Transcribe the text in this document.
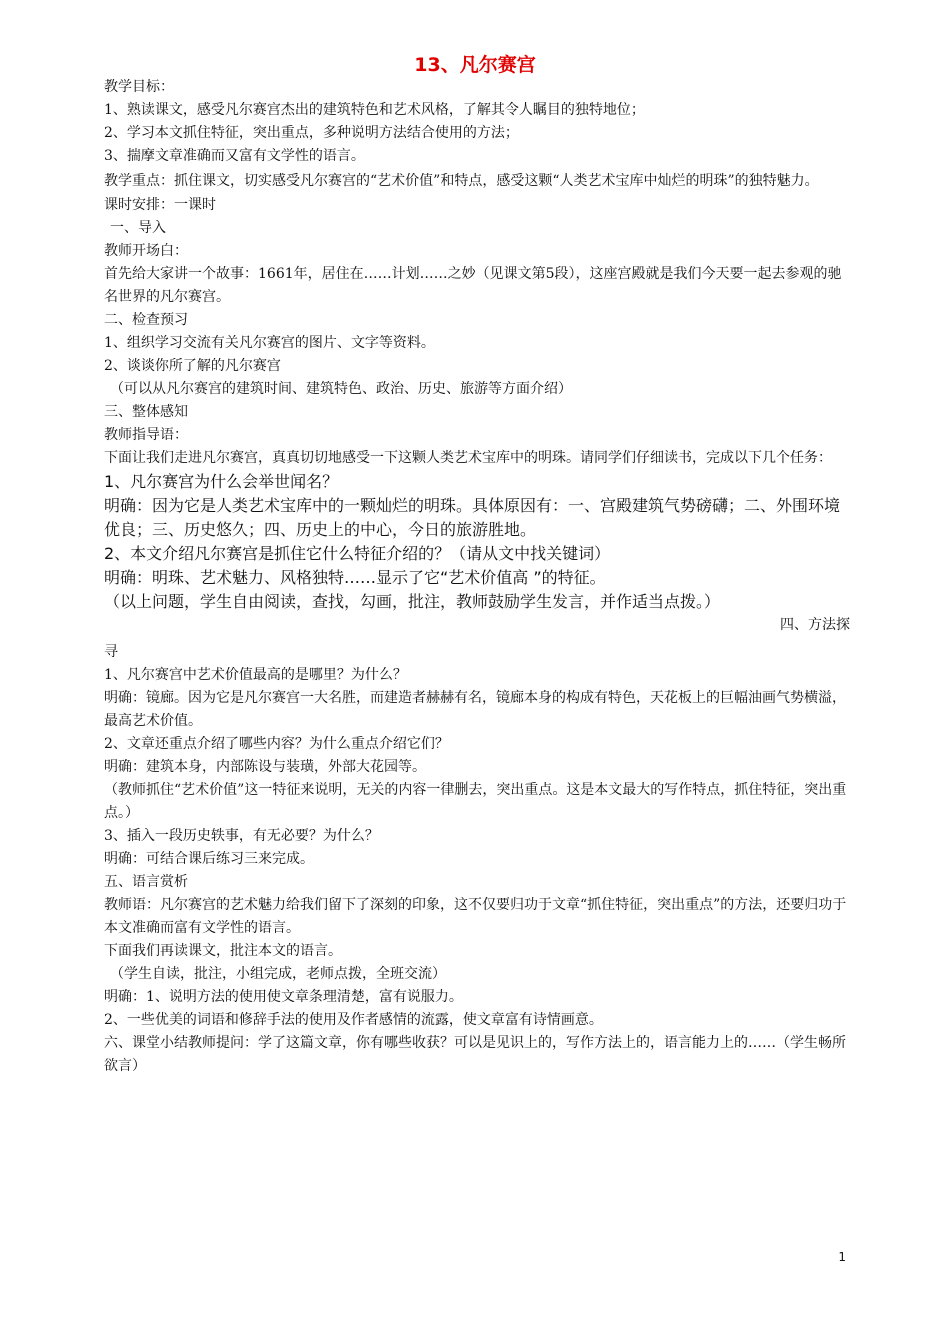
13、凡尔赛宫
教学目标：
1、熟读课文，感受凡尔赛宫杰出的建筑特色和艺术风格，了解其令人瞩目的独特地位；
2、学习本文抓住特征，突出重点，多种说明方法结合使用的方法；
3、揣摩文章准确而又富有文学性的语言。
教学重点：抓住课文，切实感受凡尔赛宫的“艺术价值”和特点，感受这颗“人类艺术宝库中灿烂的明珠”的独特魅力。
课时安排：一课时
一、导入
教师开场白：
首先给大家讲一个故事：1661年，居住在……计划……之妙（见课文第5段），这座宫殿就是我们今天要一起去参观的驰名世界的凡尔赛宫。
二、检查预习
1、组织学习交流有关凡尔赛宫的图片、文字等资料。
2、谈谈你所了解的凡尔赛宫
（可以从凡尔赛宫的建筑时间、建筑特色、政治、历史、旅游等方面介绍）
三、整体感知
教师指导语：
下面让我们走进凡尔赛宫，真真切切地感受一下这颗人类艺术宝库中的明珠。请同学们仔细读书，完成以下几个任务：
1、凡尔赛宫为什么会举世闻名？
明确：因为它是人类艺术宝库中的一颗灿烂的明珠。具体原因有：一、宫殿建筑气势磅礴；二、外围环境优良；三、历史悠久；四、历史上的中心，今日的旅游胜地。
2、本文介绍凡尔赛宫是抓住它什么特征介绍的？（请从文中找关键词）
明确：明珠、艺术魅力、风格独特……显示了它“艺术价值高 ”的特征。
（以上问题，学生自由阅读，查找，勾画，批注，教师鼓励学生发言，并作适当点拨。）
四、方法探
寻
1、凡尔赛宫中艺术价值最高的是哪里？为什么？
明确：镜廊。因为它是凡尔赛宫一大名胜，而建造者赫赫有名，镜廊本身的构成有特色，天花板上的巨幅油画气势横溢，最高艺术价值。
2、文章还重点介绍了哪些内容？为什么重点介绍它们？
明确：建筑本身，内部陈设与装璜，外部大花园等。
（教师抓住“艺术价值”这一特征来说明，无关的内容一律删去，突出重点。这是本文最大的写作特点，抓住特征，突出重点。）
3、插入一段历史轶事，有无必要？为什么？
明确：可结合课后练习三来完成。
五、语言赏析
教师语：凡尔赛宫的艺术魅力给我们留下了深刻的印象，这不仅要归功于文章“抓住特征，突出重点”的方法，还要归功于本文准确而富有文学性的语言。
下面我们再读课文，批注本文的语言。
（学生自读，批注，小组完成，老师点拨，全班交流）
明确：1、说明方法的使用使文章条理清楚，富有说服力。
2、一些优美的词语和修辞手法的使用及作者感情的流露，使文章富有诗情画意。
六、课堂小结教师提问：学了这篇文章，你有哪些收获？可以是见识上的，写作方法上的，语言能力上的……（学生畅所欲言）
1
